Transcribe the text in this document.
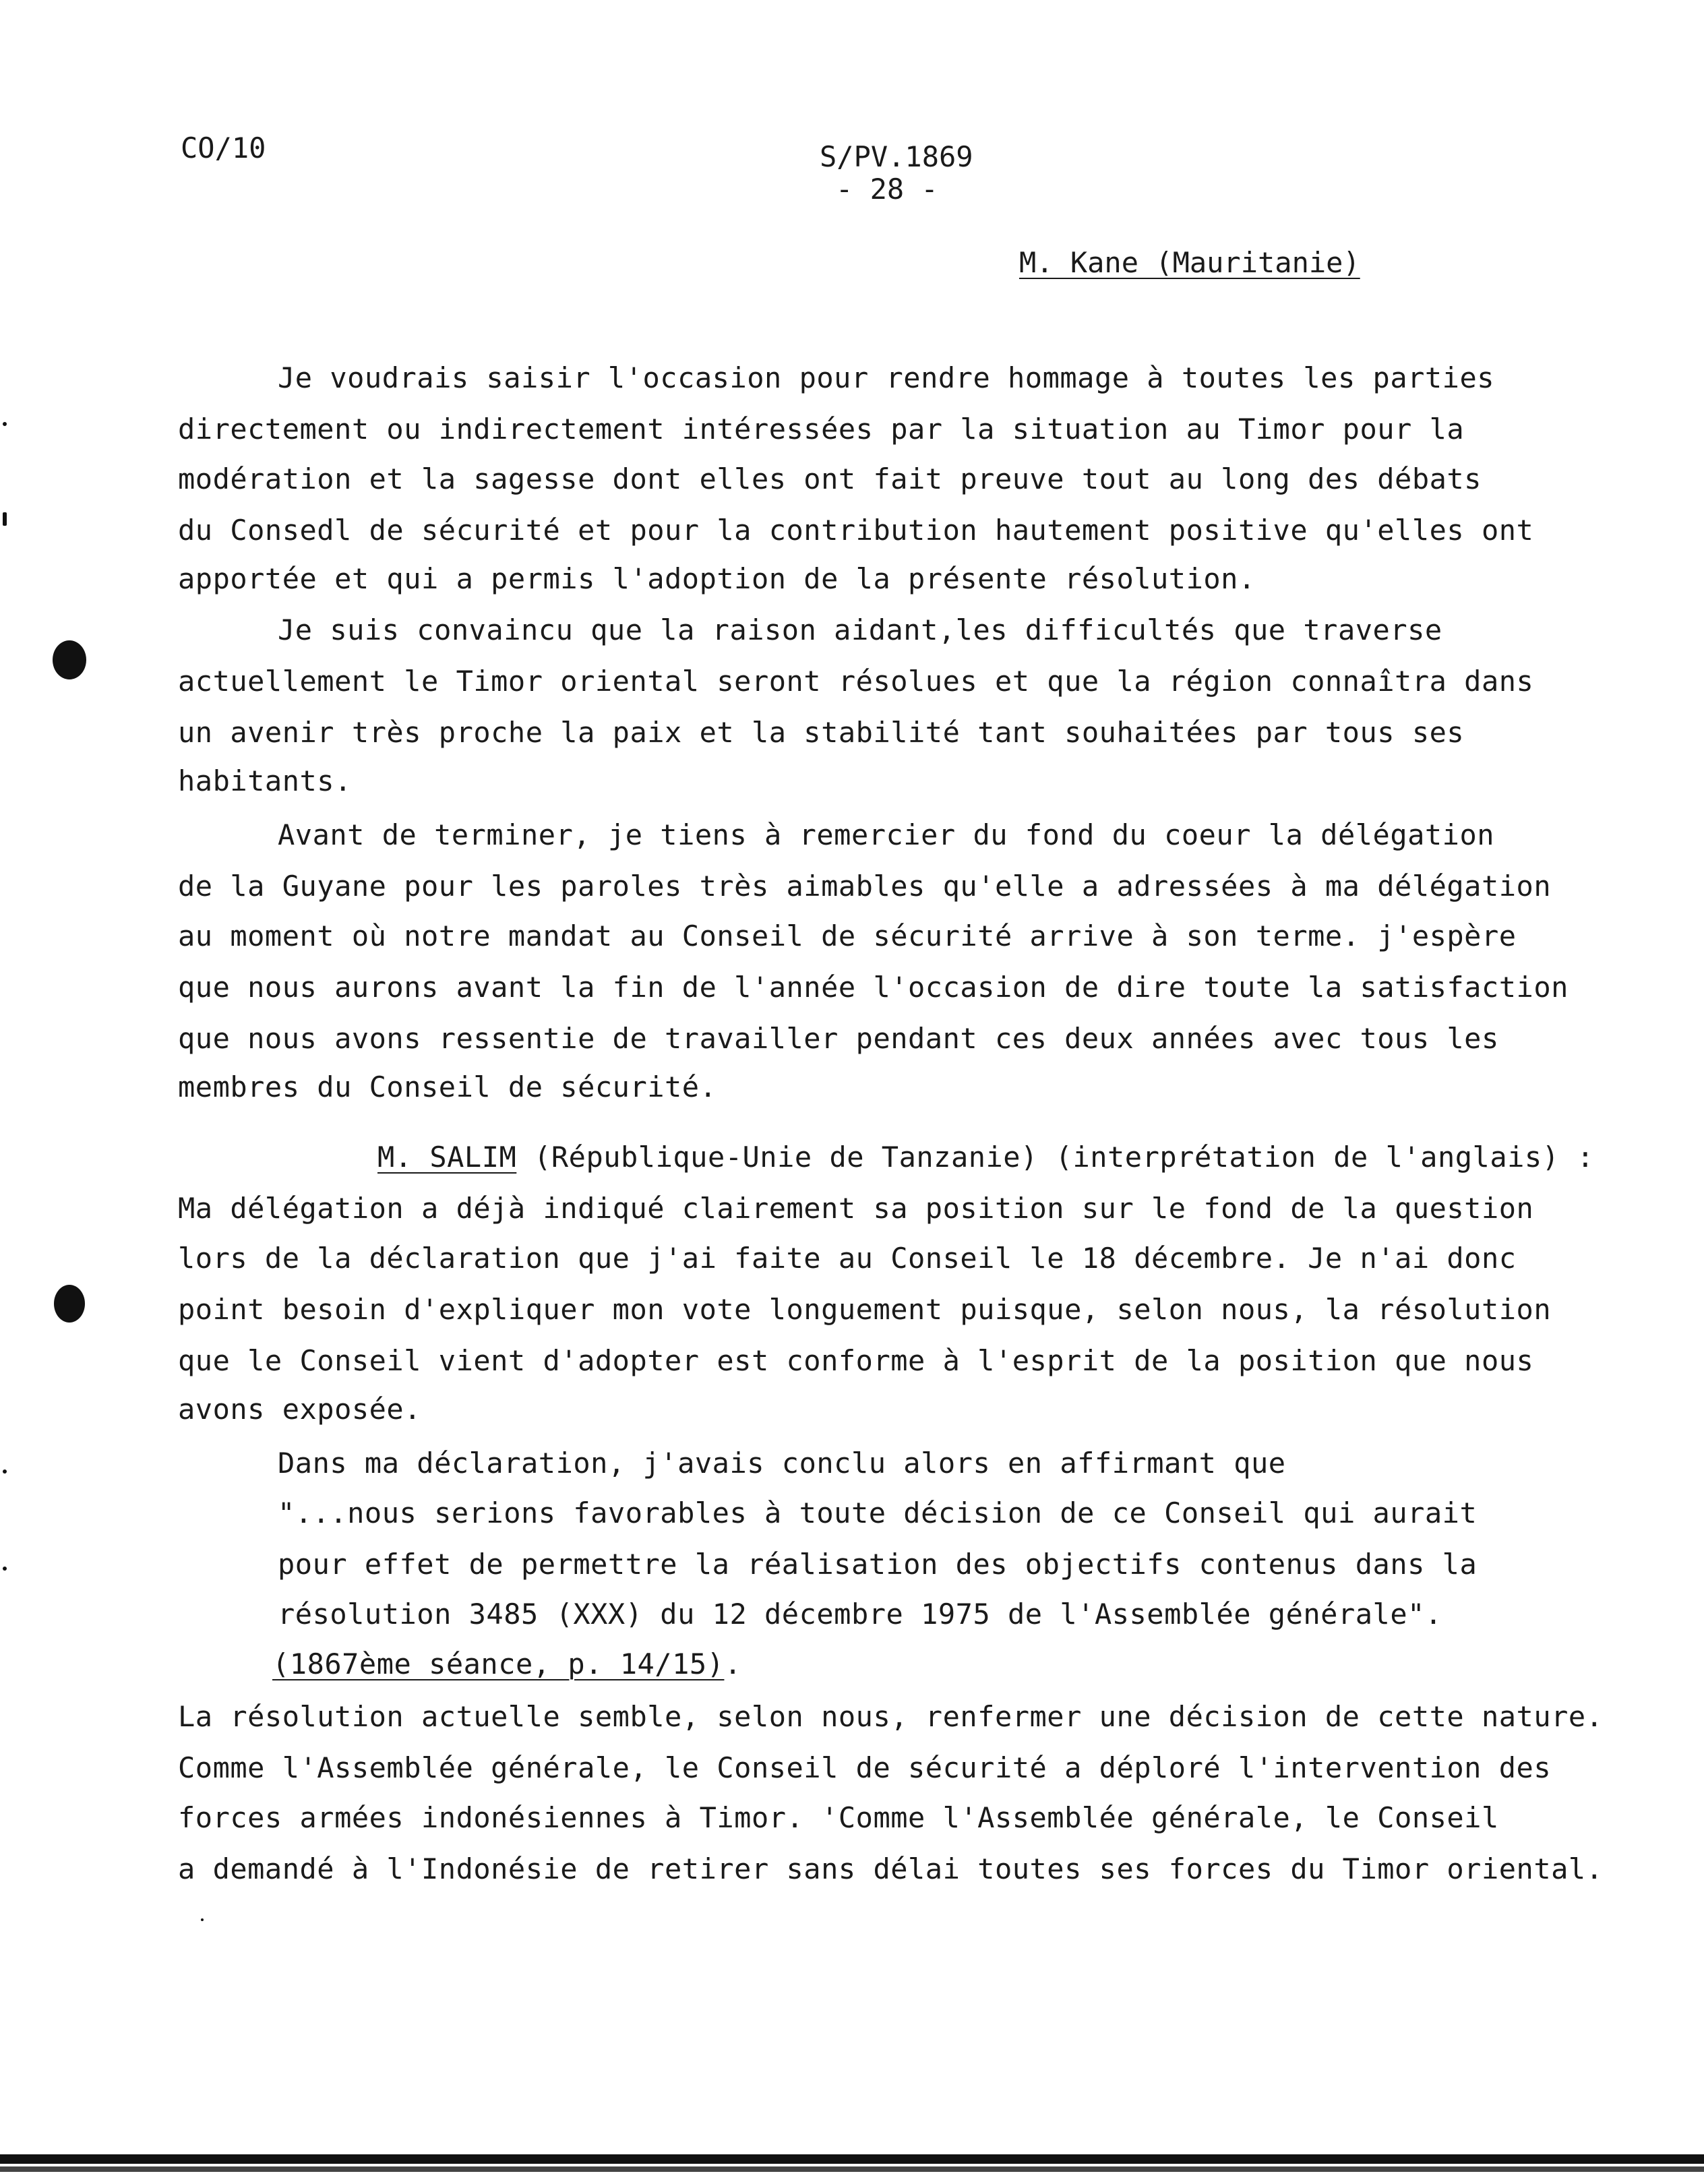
CO/10	S/PV.1869
- 28 -
M. Kane (Mauritanie)
Je voudrais saisir l'occasion pour rendre hommage à toutes les parties
directement ou indirectement intéressées par la situation au Timor pour la
modération et la sagesse dont elles ont fait preuve tout au long des débats
du Consedl de sécurité et pour la contribution hautement positive qu'elles ont
apportée et qui a permis l'adoption de la présente résolution.
Je suis convaincu que la raison aidant,les difficultés que traverse
actuellement le Timor oriental seront résolues et que la région connaîtra dans
un avenir très proche la paix et la stabilité tant souhaitées par tous ses
habitants.
Avant de terminer, je tiens à remercier du fond du coeur la délégation
de la Guyane pour les paroles très aimables qu'elle a adressées à ma délégation
au moment où notre mandat au Conseil de sécurité arrive à son terme. j'espère
que nous aurons avant la fin de l'année l'occasion de dire toute la satisfaction
que nous avons ressentie de travailler pendant ces deux années avec tous les
membres du Conseil de sécurité.
M. SALIM (République-Unie de Tanzanie) (interprétation de l'anglais) :
Ma délégation a déjà indiqué clairement sa position sur le fond de la question
lors de la déclaration que j'ai faite au Conseil le 18 décembre. Je n'ai donc
point besoin d'expliquer mon vote longuement puisque, selon nous, la résolution
que le Conseil vient d'adopter est conforme à l'esprit de la position que nous
avons exposée.
Dans ma déclaration, j'avais conclu alors en affirmant que
"...nous serions favorables à toute décision de ce Conseil qui aurait
pour effet de permettre la réalisation des objectifs contenus dans la
résolution 3485 (XXX) du 12 décembre 1975 de l'Assemblée générale".
(1867ème séance, p. 14/15).
La résolution actuelle semble, selon nous, renfermer une décision de cette nature.
Comme l'Assemblée générale, le Conseil de sécurité a déploré l'intervention des
forces armées indonésiennes à Timor. 'Comme l'Assemblée générale, le Conseil
a demandé à l'Indonésie de retirer sans délai toutes ses forces du Timor oriental.
